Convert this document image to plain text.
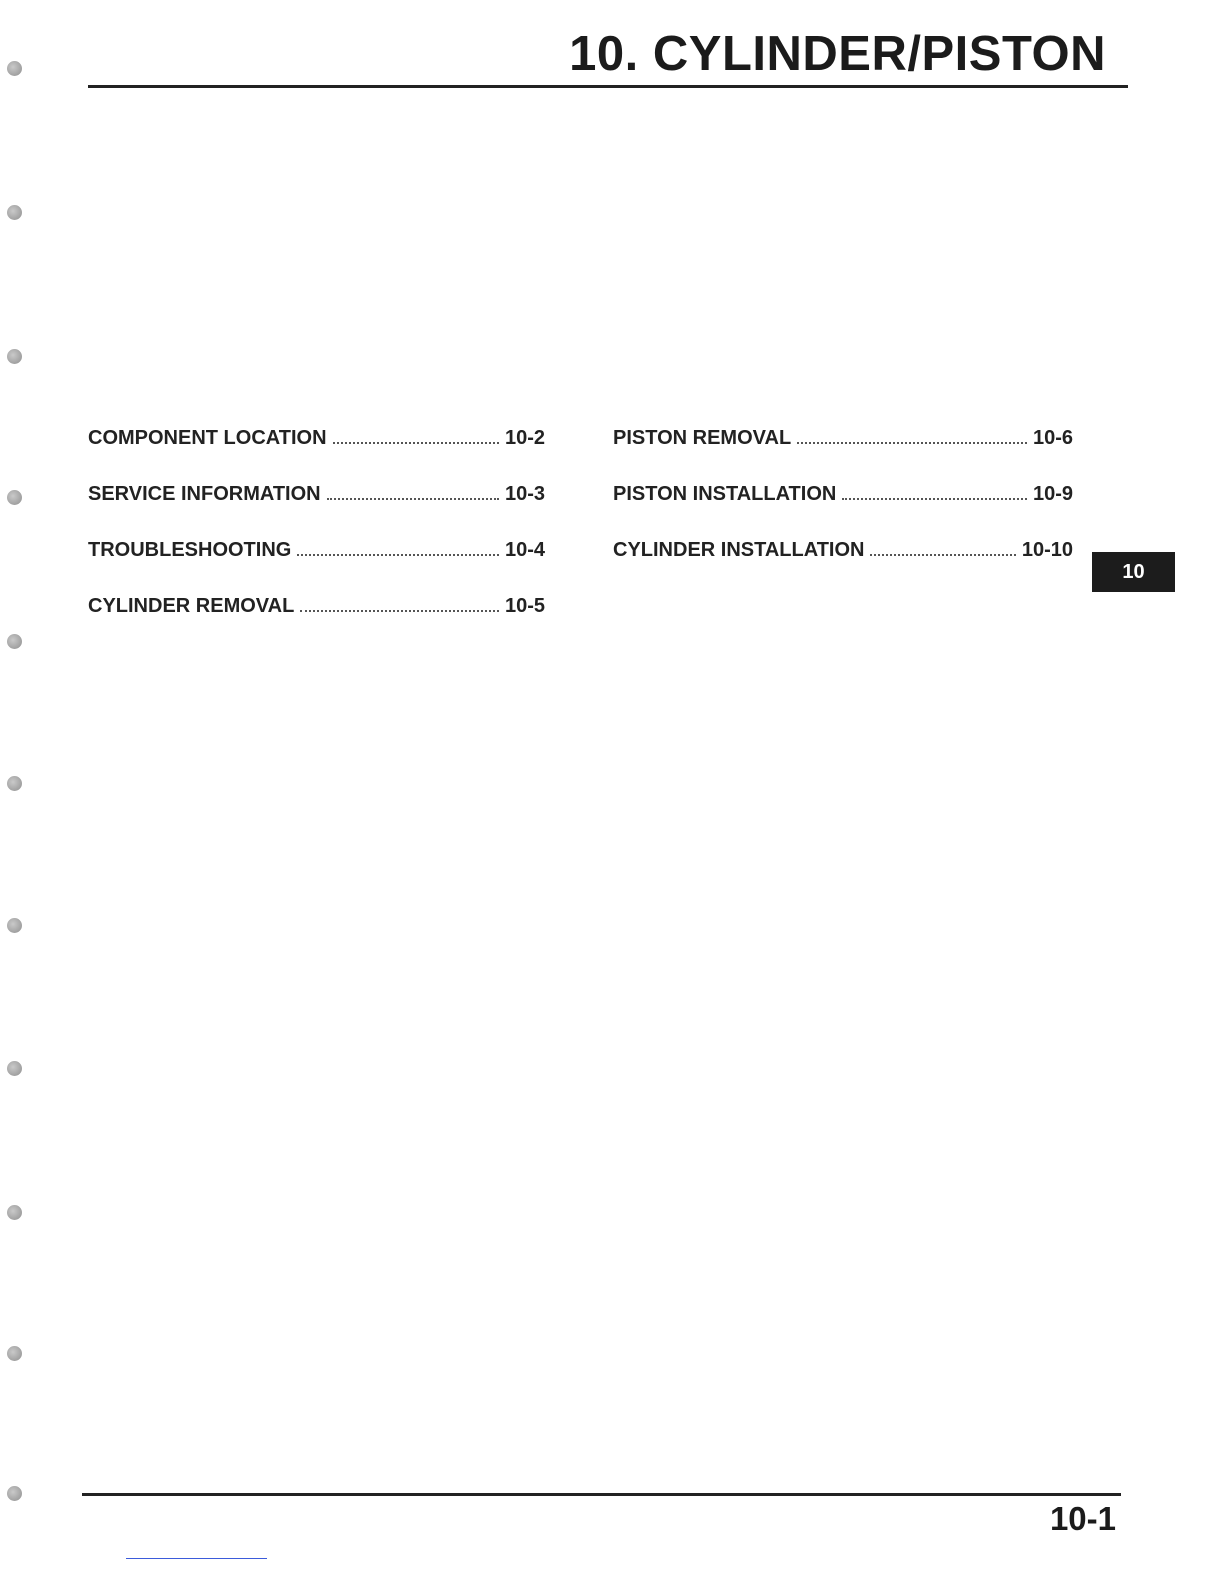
10. CYLINDER/PISTON
COMPONENT LOCATION	10-2
SERVICE INFORMATION	10-3
TROUBLESHOOTING	10-4
CYLINDER REMOVAL	10-5
PISTON REMOVAL	10-6
PISTON INSTALLATION	10-9
CYLINDER INSTALLATION	10-10
10
10-1
